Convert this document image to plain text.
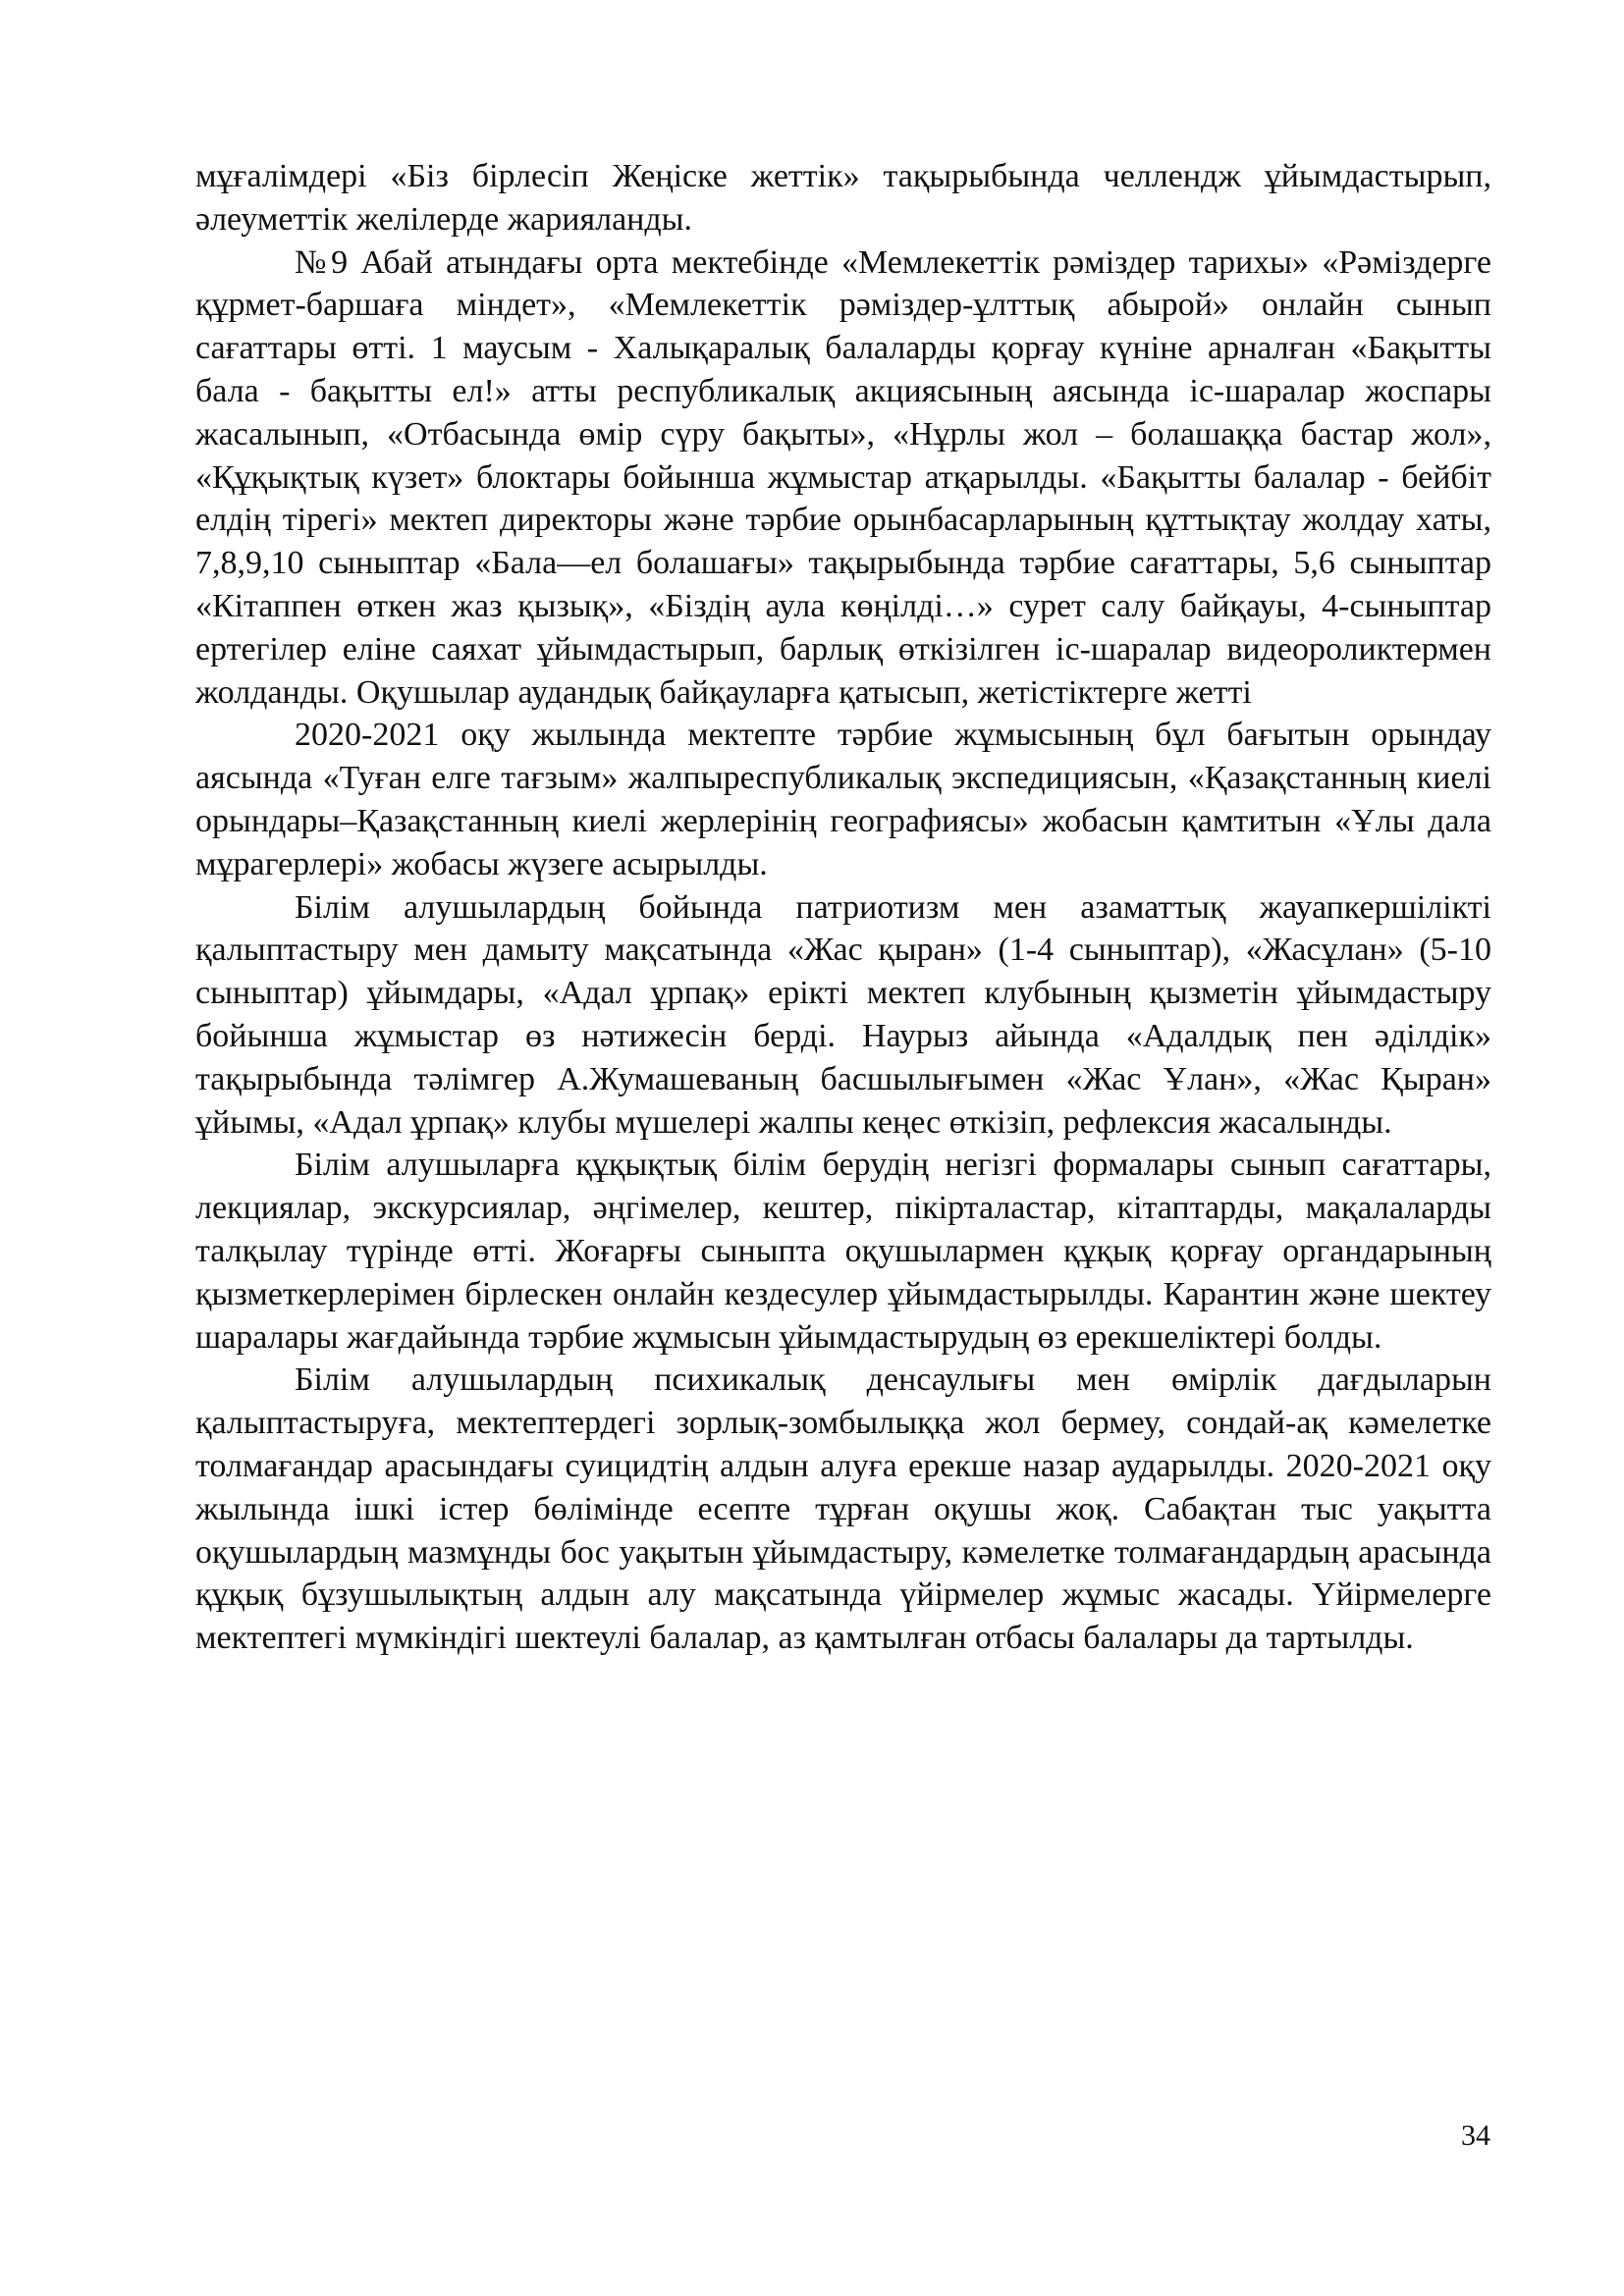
мұғалімдері «Біз бірлесіп Жеңіске жеттік» тақырыбында челлендж ұйымдастырып, әлеуметтік желілерде жарияланды.

№9 Абай атындағы орта мектебінде «Мемлекеттік рәміздер тарихы» «Рәміздерге құрмет-баршаға міндет», «Мемлекеттік рәміздер-ұлттық абырой» онлайн сынып сағаттары өтті. 1 маусым - Халықаралық балаларды қорғау күніне арналған «Бақытты бала - бақытты ел!» атты республикалық акциясының аясында іс-шаралар жоспары жасалынып, «Отбасында өмір сүру бақыты», «Нұрлы жол – болашаққа бастар жол», «Құқықтық күзет» блоктары бойынша жұмыстар атқарылды. «Бақытты балалар - бейбіт елдің тірегі» мектеп директоры және тәрбие орынбасарларының құттықтау жолдау хаты, 7,8,9,10 сыныптар «Бала—ел болашағы» тақырыбында тәрбие сағаттары, 5,6 сыныптар «Кітаппен өткен жаз қызық», «Біздің аула көңілді…» сурет салу байқауы, 4-сыныптар ертегілер еліне саяхат ұйымдастырып, барлық өткізілген іс-шаралар видеороликтермен жолданды. Оқушылар аудандық байқауларға қатысып, жетістіктерге жетті

2020-2021 оқу жылында мектепте тәрбие жұмысының бұл бағытын орындау аясында «Туған елге тағзым» жалпыреспубликалық экспедициясын, «Қазақстанның киелі орындары–Қазақстанның киелі жерлерінің географиясы» жобасын қамтитын «Ұлы дала мұрагерлері» жобасы жүзеге асырылды.

Білім алушылардың бойында патриотизм мен азаматтық жауапкершілікті қалыптастыру мен дамыту мақсатында «Жас қыран» (1-4 сыныптар), «Жасұлан» (5-10 сыныптар) ұйымдары, «Адал ұрпақ» ерікті мектеп клубының қызметін ұйымдастыру бойынша жұмыстар өз нәтижесін берді. Наурыз айында «Адалдық пен әділдік» тақырыбында тәлімгер А.Жумашеваның басшылығымен «Жас Ұлан», «Жас Қыран» ұйымы, «Адал ұрпақ» клубы мүшелері жалпы кеңес өткізіп, рефлексия жасалынды.

Білім алушыларға құқықтық білім берудің негізгі формалары сынып сағаттары, лекциялар, экскурсиялар, әңгімелер, кештер, пікірталастар, кітаптарды, мақалаларды талқылау түрінде өтті. Жоғарғы сыныпта оқушылармен құқық қорғау органдарының қызметкерлерімен бірлескен онлайн кездесулер ұйымдастырылды. Карантин және шектеу шаралары жағдайында тәрбие жұмысын ұйымдастырудың өз ерекшеліктері болды.

Білім алушылардың психикалық денсаулығы мен өмірлік дағдыларын қалыптастыруға, мектептердегі зорлық-зомбылыққа жол бермеу, сондай-ақ кәмелетке толмағандар арасындағы суицидтің алдын алуға ерекше назар аударылды. 2020-2021 оқу жылында ішкі істер бөлімінде есепте тұрған оқушы жоқ. Сабақтан тыс уақытта оқушылардың мазмұнды бос уақытын ұйымдастыру, кәмелетке толмағандардың арасында құқық бұзушылықтың алдын алу мақсатында үйірмелер жұмыс жасады. Үйірмелерге мектептегі мүмкіндігі шектеулі балалар, аз қамтылған отбасы балалары да тартылды.

34
